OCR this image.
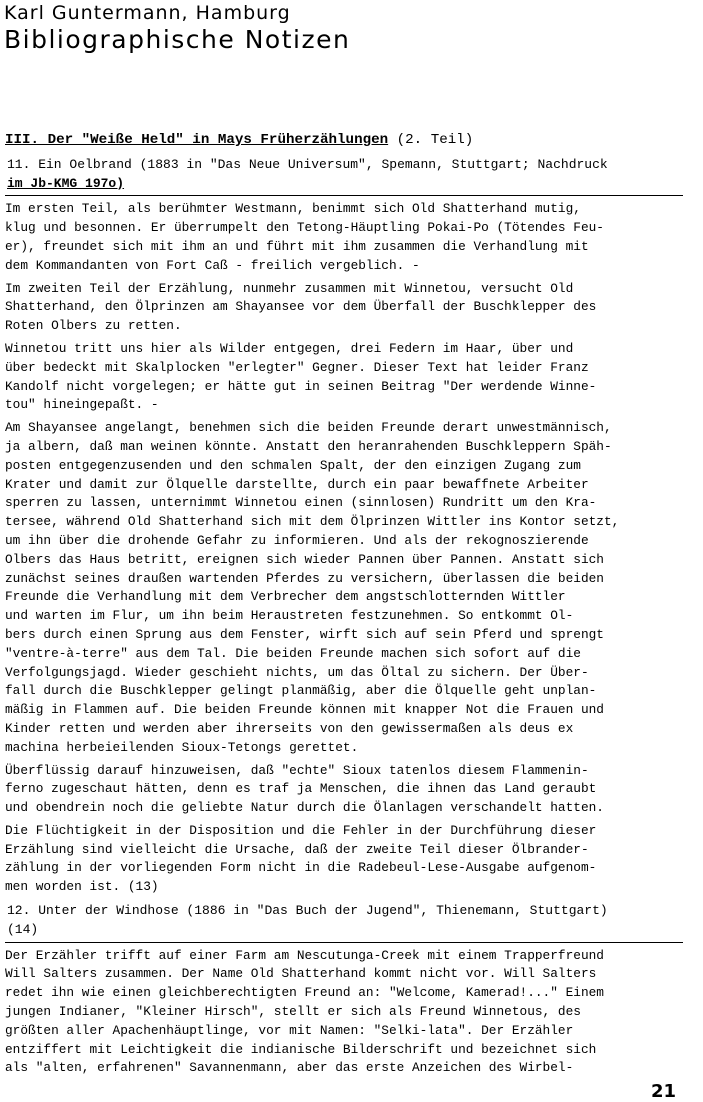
Karl Guntermann, Hamburg
Bibliographische Notizen
III. Der "Weiße Held" in Mays Früherzählungen (2. Teil)
11. Ein Oelbrand (1883 in "Das Neue Universum", Spemann, Stuttgart; Nachdruck
im Jb-KMG 197o)
Im ersten Teil, als berühmter Westmann, benimmt sich Old Shatterhand mutig,
klug und besonnen. Er überrumpelt den Tetong-Häuptling Pokai-Po (Tötendes Feu-
er), freundet sich mit ihm an und führt mit ihm zusammen die Verhandlung mit
dem Kommandanten von Fort Caß - freilich vergeblich. -
Im zweiten Teil der Erzählung, nunmehr zusammen mit Winnetou, versucht Old
Shatterhand, den Ölprinzen am Shayansee vor dem Überfall der Buschklepper des
Roten Olbers zu retten.
Winnetou tritt uns hier als Wilder entgegen, drei Federn im Haar, über und
über bedeckt mit Skalplocken "erlegter" Gegner. Dieser Text hat leider Franz
Kandolf nicht vorgelegen; er hätte gut in seinen Beitrag "Der werdende Winne-
tou" hineingepaßt. -
Am Shayansee angelangt, benehmen sich die beiden Freunde derart unwestmännisch,
ja albern, daß man weinen könnte. Anstatt den heranrahenden Buschkleppern Späh-
posten entgegenzusenden und den schmalen Spalt, der den einzigen Zugang zum
Krater und damit zur Ölquelle darstellte, durch ein paar bewaffnete Arbeiter
sperren zu lassen, unternimmt Winnetou einen (sinnlosen) Rundritt um den Kra-
tersee, während Old Shatterhand sich mit dem Ölprinzen Wittler ins Kontor setzt,
um ihn über die drohende Gefahr zu informieren. Und als der rekognoszierende
Olbers das Haus betritt, ereignen sich wieder Pannen über Pannen. Anstatt sich
zunächst seines draußen wartenden Pferdes zu versichern, überlassen die beiden
Freunde die Verhandlung mit dem Verbrecher dem angstschlotternden Wittler
und warten im Flur, um ihn beim Heraustreten festzunehmen. So entkommt Ol-
bers durch einen Sprung aus dem Fenster, wirft sich auf sein Pferd und sprengt
"ventre-à-terre" aus dem Tal. Die beiden Freunde machen sich sofort auf die
Verfolgungsjagd. Wieder geschieht nichts, um das Öltal zu sichern. Der Über-
fall durch die Buschklepper gelingt planmäßig, aber die Ölquelle geht unplan-
mäßig in Flammen auf. Die beiden Freunde können mit knapper Not die Frauen und
Kinder retten und werden aber ihrerseits von den gewissermaßen als deus ex
machina herbeieilenden Sioux-Tetongs gerettet.
Überflüssig darauf hinzuweisen, daß "echte" Sioux tatenlos diesem Flammenin-
ferno zugeschaut hätten, denn es traf ja Menschen, die ihnen das Land geraubt
und obendrein noch die geliebte Natur durch die Ölanlagen verschandelt hatten.
Die Flüchtigkeit in der Disposition und die Fehler in der Durchführung dieser
Erzählung sind vielleicht die Ursache, daß der zweite Teil dieser Ölbrander-
zählung in der vorliegenden Form nicht in die Radebeul-Lese-Ausgabe aufgenom-
men worden ist. (13)
12. Unter der Windhose (1886 in "Das Buch der Jugend", Thienemann, Stuttgart)
(14)
Der Erzähler trifft auf einer Farm am Nescutunga-Creek mit einem Trapperfreund
Will Salters zusammen. Der Name Old Shatterhand kommt nicht vor. Will Salters
redet ihn wie einen gleichberechtigten Freund an: "Welcome, Kamerad!..." Einem
jungen Indianer, "Kleiner Hirsch", stellt er sich als Freund Winnetous, des
größten aller Apachenhäuptlinge, vor mit Namen: "Selki-lata". Der Erzähler
entziffert mit Leichtigkeit die indianische Bilderschrift und bezeichnet sich
als "alten, erfahrenen" Savannenmann, aber das erste Anzeichen des Wirbel-
21
